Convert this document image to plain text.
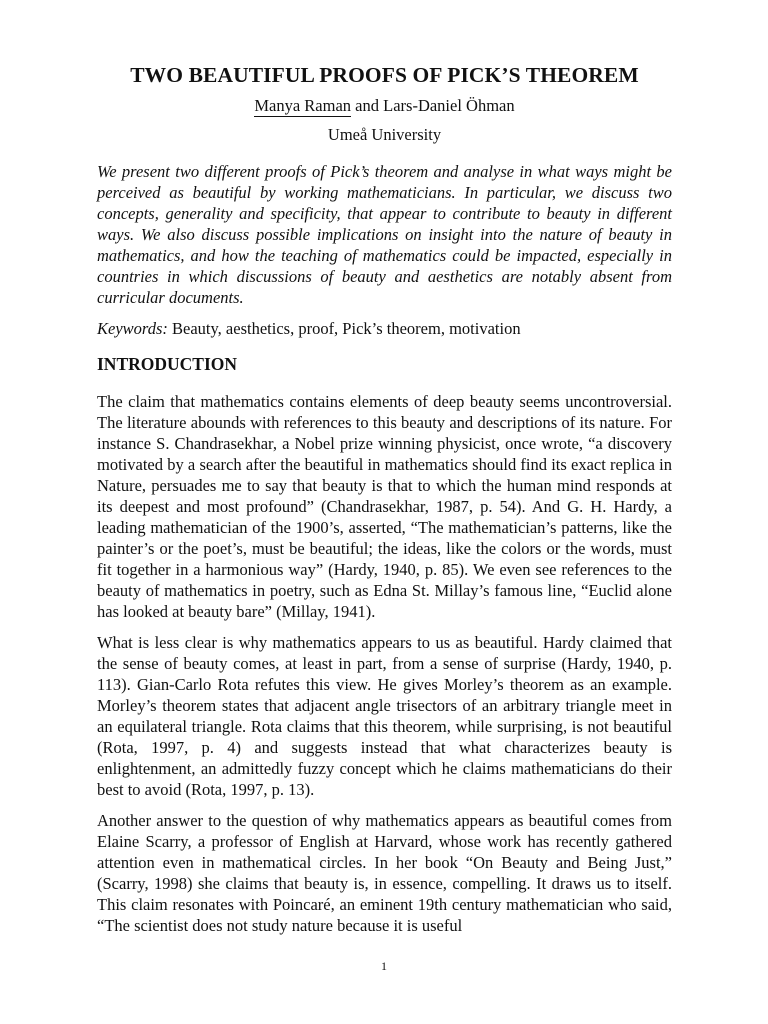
TWO BEAUTIFUL PROOFS OF PICK’S THEOREM
Manya Raman and Lars-Daniel Öhman
Umeå University
We present two different proofs of Pick’s theorem and analyse in what ways might be perceived as beautiful by working mathematicians. In particular, we discuss two concepts, generality and specificity, that appear to contribute to beauty in different ways. We also discuss possible implications on insight into the nature of beauty in mathematics, and how the teaching of mathematics could be impacted, especially in countries in which discussions of beauty and aesthetics are notably absent from curricular documents.
Keywords: Beauty, aesthetics, proof, Pick’s theorem, motivation
INTRODUCTION

The claim that mathematics contains elements of deep beauty seems uncontroversial. The literature abounds with references to this beauty and descriptions of its nature. For instance S. Chandrasekhar, a Nobel prize winning physicist, once wrote, “a discovery motivated by a search after the beautiful in mathematics should find its exact replica in Nature, persuades me to say that beauty is that to which the human mind responds at its deepest and most profound” (Chandrasekhar, 1987, p. 54). And G. H. Hardy, a leading mathematician of the 1900’s, asserted, “The mathematician’s patterns, like the painter’s or the poet’s, must be beautiful; the ideas, like the colors or the words, must fit together in a harmonious way” (Hardy, 1940, p. 85). We even see references to the beauty of mathematics in poetry, such as Edna St. Millay’s famous line, “Euclid alone has looked at beauty bare” (Millay, 1941).

What is less clear is why mathematics appears to us as beautiful. Hardy claimed that the sense of beauty comes, at least in part, from a sense of surprise (Hardy, 1940, p. 113). Gian-Carlo Rota refutes this view. He gives Morley’s theorem as an example. Morley’s theorem states that adjacent angle trisectors of an arbitrary triangle meet in an equilateral triangle. Rota claims that this theorem, while surprising, is not beautiful (Rota, 1997, p. 4) and suggests instead that what characterizes beauty is enlightenment, an admittedly fuzzy concept which he claims mathematicians do their best to avoid (Rota, 1997, p. 13).

Another answer to the question of why mathematics appears as beautiful comes from Elaine Scarry, a professor of English at Harvard, whose work has recently gathered attention even in mathematical circles. In her book “On Beauty and Being Just,” (Scarry, 1998) she claims that beauty is, in essence, compelling. It draws us to itself. This claim resonates with Poincaré, an eminent 19th century mathematician who said, “The scientist does not study nature because it is useful

1
